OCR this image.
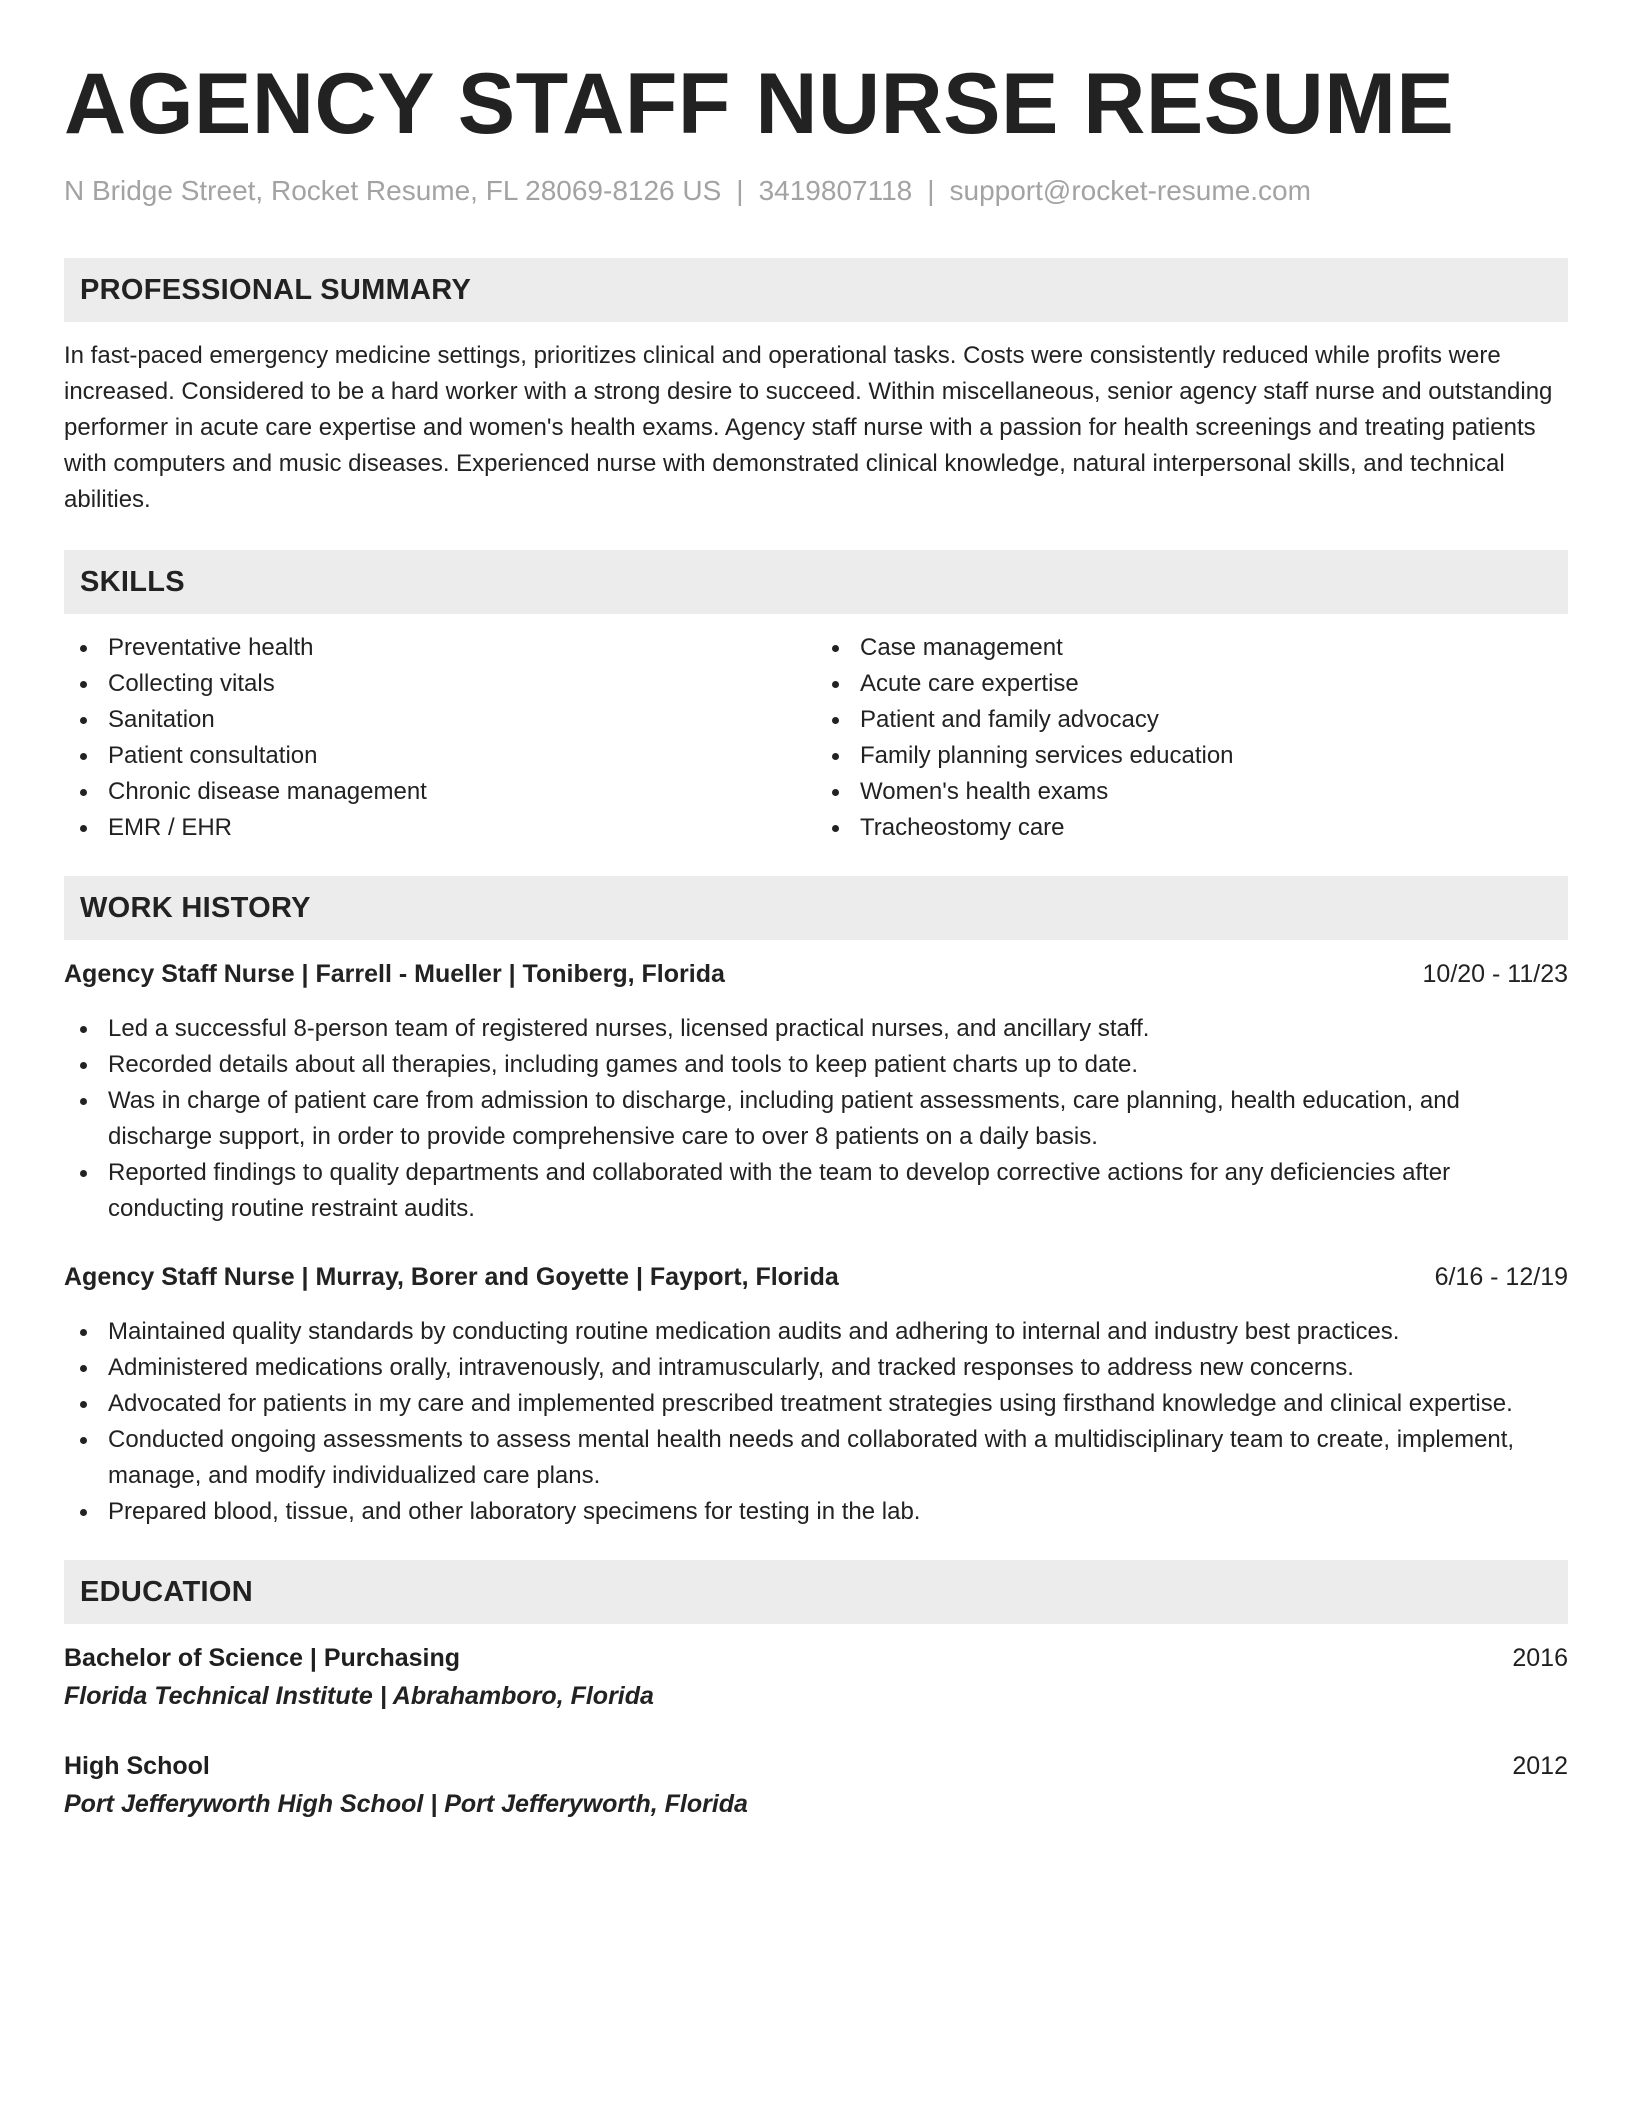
AGENCY STAFF NURSE RESUME
N Bridge Street, Rocket Resume, FL 28069-8126 US | 3419807118 | support@rocket-resume.com
PROFESSIONAL SUMMARY

In fast-paced emergency medicine settings, prioritizes clinical and operational tasks. Costs were consistently reduced while profits were increased. Considered to be a hard worker with a strong desire to succeed. Within miscellaneous, senior agency staff nurse and outstanding performer in acute care expertise and women's health exams. Agency staff nurse with a passion for health screenings and treating patients with computers and music diseases. Experienced nurse with demonstrated clinical knowledge, natural interpersonal skills, and technical abilities.

SKILLS
Preventative health
Collecting vitals
Sanitation
Patient consultation
Chronic disease management
EMR / EHR
Case management
Acute care expertise
Patient and family advocacy
Family planning services education
Women's health exams
Tracheostomy care
WORK HISTORY
Agency Staff Nurse | Farrell - Mueller | Toniberg, Florida	10/20 - 11/23
Led a successful 8-person team of registered nurses, licensed practical nurses, and ancillary staff.
Recorded details about all therapies, including games and tools to keep patient charts up to date.
Was in charge of patient care from admission to discharge, including patient assessments, care planning, health education, and discharge support, in order to provide comprehensive care to over 8 patients on a daily basis.
Reported findings to quality departments and collaborated with the team to develop corrective actions for any deficiencies after conducting routine restraint audits.
Agency Staff Nurse | Murray, Borer and Goyette | Fayport, Florida	6/16 - 12/19
Maintained quality standards by conducting routine medication audits and adhering to internal and industry best practices.
Administered medications orally, intravenously, and intramuscularly, and tracked responses to address new concerns.
Advocated for patients in my care and implemented prescribed treatment strategies using firsthand knowledge and clinical expertise.
Conducted ongoing assessments to assess mental health needs and collaborated with a multidisciplinary team to create, implement, manage, and modify individualized care plans.
Prepared blood, tissue, and other laboratory specimens for testing in the lab.
EDUCATION
Bachelor of Science | Purchasing	2016
Florida Technical Institute | Abrahamboro, Florida
High School	2012
Port Jefferyworth High School | Port Jefferyworth, Florida
